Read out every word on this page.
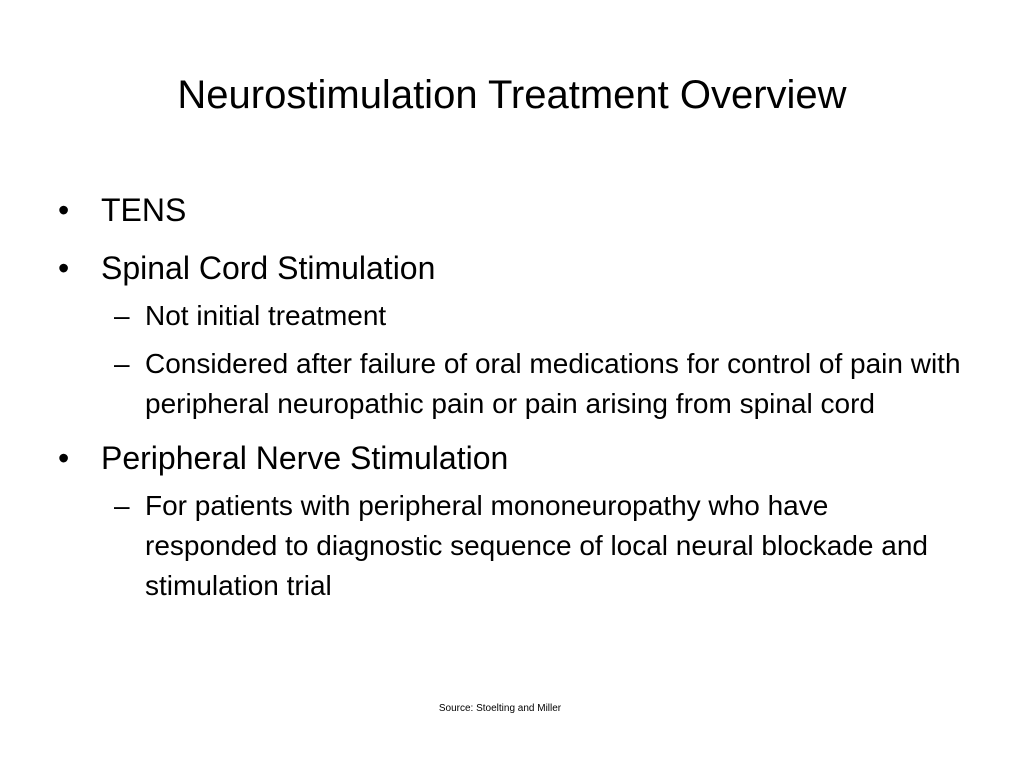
Neurostimulation Treatment Overview
• TENS
• Spinal Cord Stimulation
– Not initial treatment
– Considered after failure of oral medications for control of pain with peripheral neuropathic pain or pain arising from spinal cord
• Peripheral Nerve Stimulation
– For patients with peripheral mononeuropathy who have responded to diagnostic sequence of local neural blockade and stimulation trial
Source: Stoelting and Miller
